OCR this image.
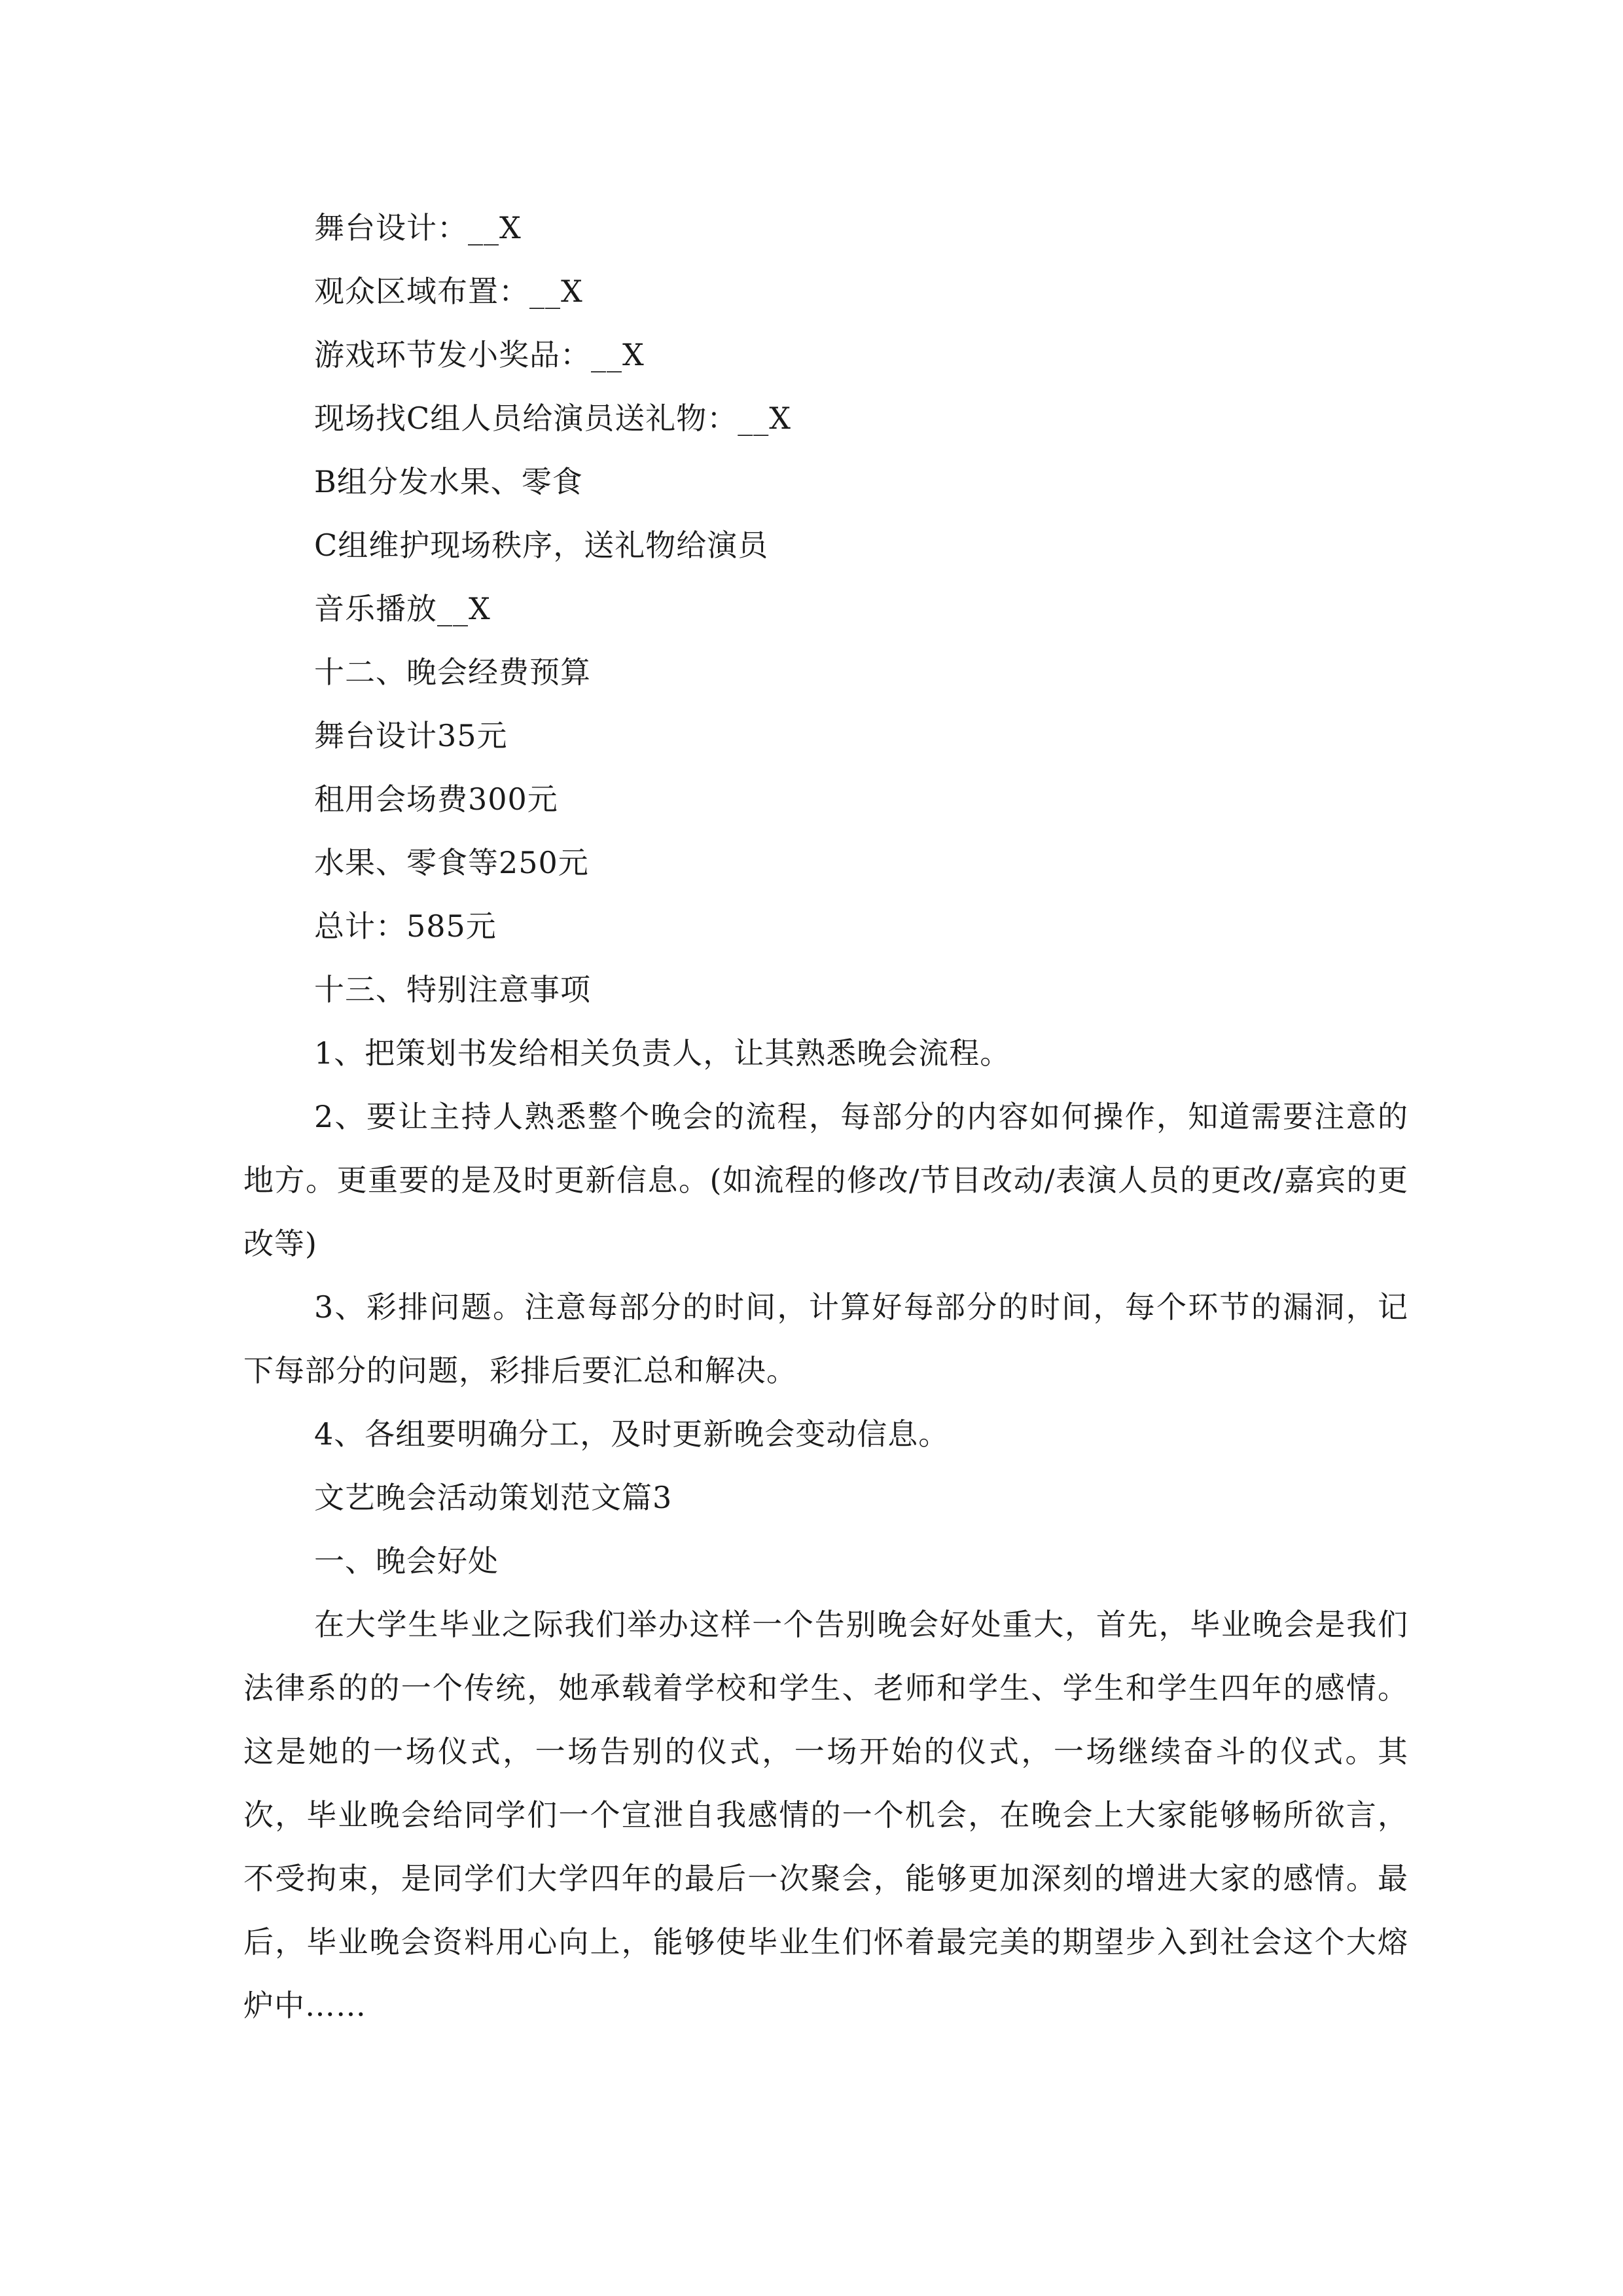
舞台设计：__X

观众区域布置：__X

游戏环节发小奖品：__X

现场找C组人员给演员送礼物：__X

B组分发水果、零食

C组维护现场秩序，送礼物给演员

音乐播放__X

十二、晚会经费预算

舞台设计35元

租用会场费300元

水果、零食等250元

总计：585元

十三、特别注意事项

1、把策划书发给相关负责人，让其熟悉晚会流程。

2、要让主持人熟悉整个晚会的流程，每部分的内容如何操作，知道需要注意的地方。更重要的是及时更新信息。(如流程的修改/节目改动/表演人员的更改/嘉宾的更改等)

3、彩排问题。注意每部分的时间，计算好每部分的时间，每个环节的漏洞，记下每部分的问题，彩排后要汇总和解决。

4、各组要明确分工，及时更新晚会变动信息。

文艺晚会活动策划范文篇3

一、晚会好处

在大学生毕业之际我们举办这样一个告别晚会好处重大，首先，毕业晚会是我们法律系的的一个传统，她承载着学校和学生、老师和学生、学生和学生四年的感情。这是她的一场仪式，一场告别的仪式，一场开始的仪式，一场继续奋斗的仪式。其次，毕业晚会给同学们一个宣泄自我感情的一个机会，在晚会上大家能够畅所欲言，不受拘束，是同学们大学四年的最后一次聚会，能够更加深刻的增进大家的感情。最后，毕业晚会资料用心向上，能够使毕业生们怀着最完美的期望步入到社会这个大熔炉中……
